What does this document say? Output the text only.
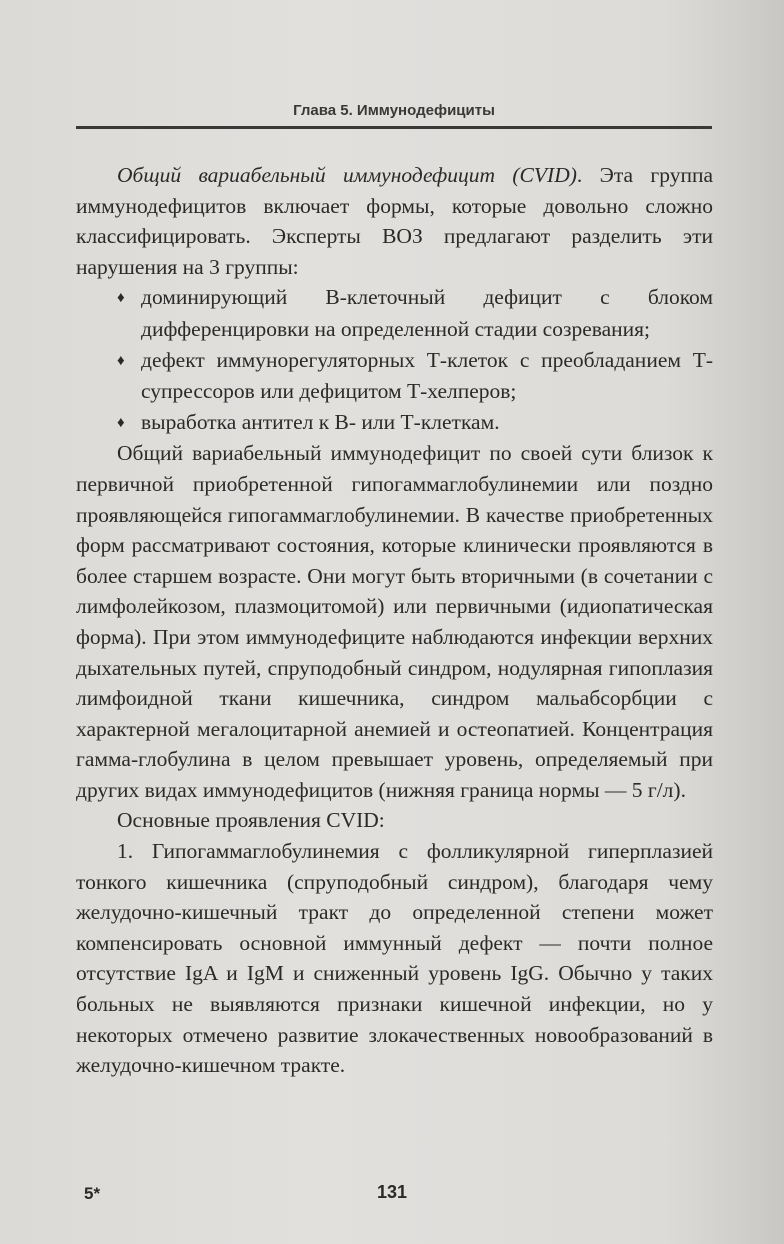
Глава 5. Иммунодефициты

Общий вариабельный иммунодефицит (CVID). Эта группа иммунодефицитов включает формы, которые довольно сложно классифицировать. Эксперты ВОЗ предлагают разделить эти нарушения на 3 группы:

♦ доминирующий В-клеточный дефицит с блоком дифференцировки на определенной стадии созревания;

♦ дефект иммунорегуляторных Т-клеток с преобладанием Т-супрессоров или дефицитом Т-хелперов;

♦ выработка антител к В- или Т-клеткам.

Общий вариабельный иммунодефицит по своей сути близок к первичной приобретенной гипогаммаглобулинемии или поздно проявляющейся гипогаммаглобулинемии. В качестве приобретенных форм рассматривают состояния, которые клинически проявляются в более старшем возрасте. Они могут быть вторичными (в сочетании с лимфолейкозом, плазмоцитомой) или первичными (идиопатическая форма). При этом иммунодефиците наблюдаются инфекции верхних дыхательных путей, спруподобный синдром, нодулярная гипоплазия лимфоидной ткани кишечника, синдром мальабсорбции с характерной мегалоцитарной анемией и остеопатией. Концентрация гамма-глобулина в целом превышает уровень, определяемый при других видах иммунодефицитов (нижняя граница нормы — 5 г/л).

Основные проявления CVID:

1. Гипогаммаглобулинемия с фолликулярной гиперплазией тонкого кишечника (спруподобный синдром), благодаря чему желудочно-кишечный тракт до определенной степени может компенсировать основной иммунный дефект — почти полное отсутствие IgA и IgM и сниженный уровень IgG. Обычно у таких больных не выявляются признаки кишечной инфекции, но у некоторых отмечено развитие злокачественных новообразований в желудочно-кишечном тракте.

5*	131
